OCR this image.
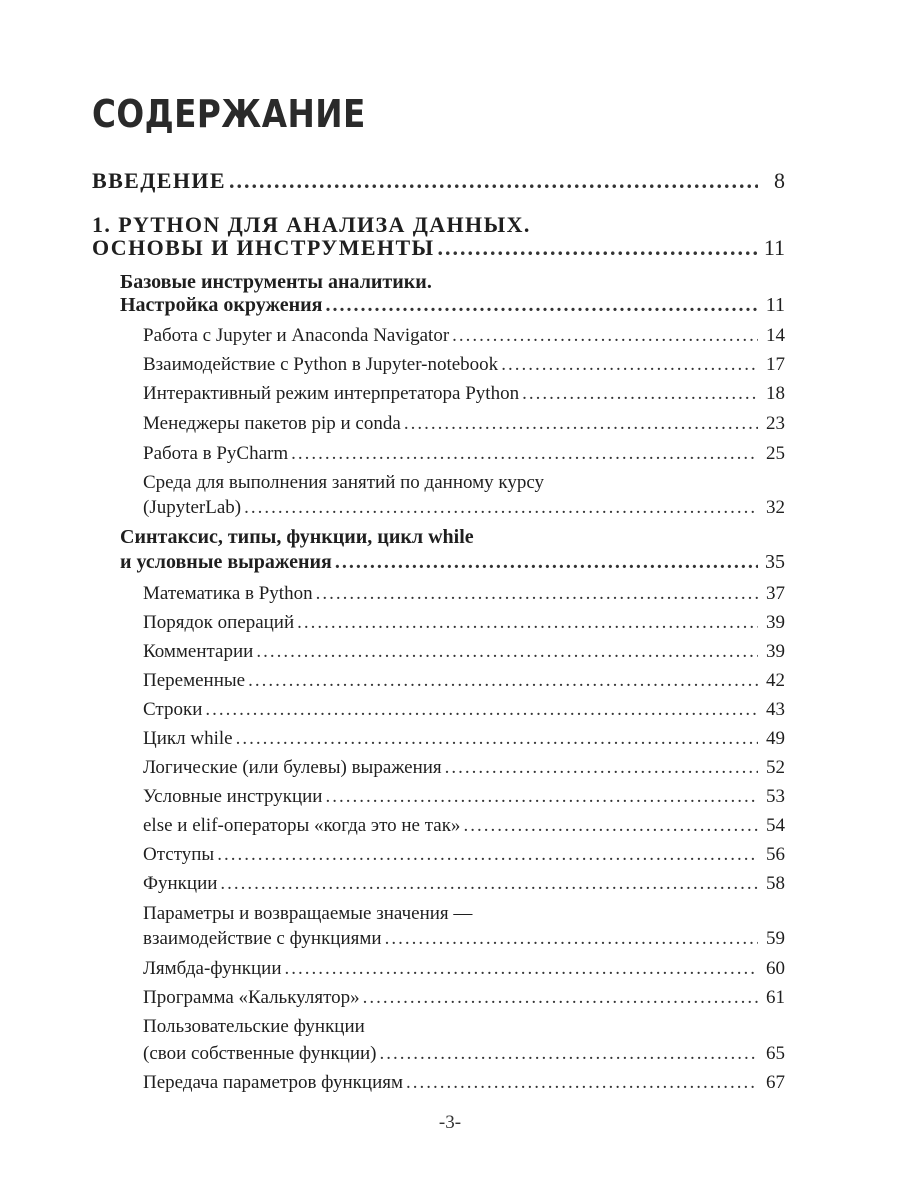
СОДЕРЖАНИЕ
ВВЕДЕНИЕ .....	8
1. PYTHON ДЛЯ АНАЛИЗА ДАННЫХ.
ОСНОВЫ И ИНСТРУМЕНТЫ .....	11
Базовые инструменты аналитики.
Настройка окружения .....	11
Работа с Jupyter и Anaconda Navigator .....	14
Взаимодействие с Python в Jupyter-notebook .....	17
Интерактивный режим интерпретатора Python .....	18
Менеджеры пакетов pip и conda .....	23
Работа в PyCharm .....	25
Среда для выполнения занятий по данному курсу
(JupyterLab) .....	32
Синтаксис, типы, функции, цикл while
и условные выражения .....	35
Математика в Python .....	37
Порядок операций .....	39
Комментарии .....	39
Переменные .....	42
Строки .....	43
Цикл while .....	49
Логические (или булевы) выражения .....	52
Условные инструкции .....	53
else и elif-операторы «когда это не так» .....	54
Отступы .....	56
Функции .....	58
Параметры и возвращаемые значения —
взаимодействие с функциями .....	59
Лямбда-функции .....	60
Программа «Калькулятор» .....	61
Пользовательские функции
(свои собственные функции) .....	65
Передача параметров функциям .....	67
-3-
